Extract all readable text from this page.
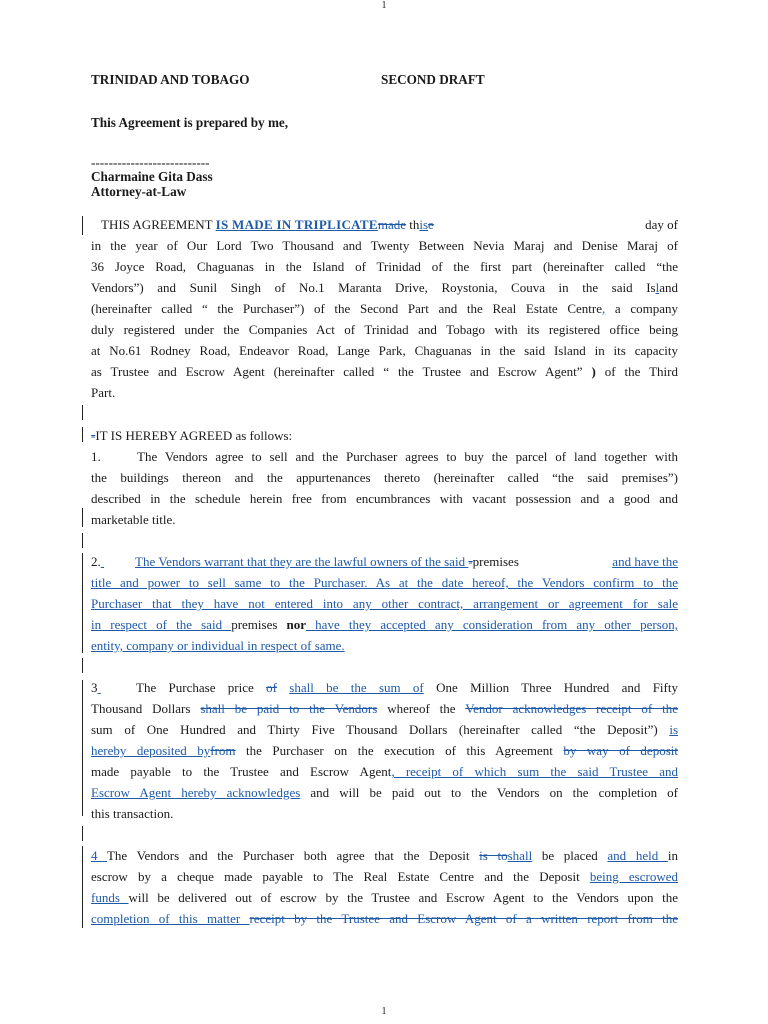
1
TRINIDAD AND TOBAGO	SECOND DRAFT
This Agreement is prepared by me,
---------------------------
Charmaine Gita Dass
Attorney-at-Law
THIS AGREEMENT IS MADE IN TRIPLICATEmade thise	day of
in the year of Our Lord Two Thousand and Twenty Between Nevia Maraj and Denise Maraj of
36 Joyce Road, Chaguanas in the Island of Trinidad of the first part (hereinafter called “the
Vendors”) and Sunil Singh of No.1 Maranta Drive, Roystonia, Couva in the said Island
(hereinafter called “ the Purchaser”) of the Second Part and the Real Estate Centre, a company
duly registered under the Companies Act of Trinidad and Tobago with its registered office being
at No.61 Rodney Road, Endeavor Road, Lange Park, Chaguanas in the said Island in its capacity
as Trustee and Escrow Agent (hereinafter called “ the Trustee and Escrow Agent” ) of the Third
Part.
-IT IS HEREBY AGREED as follows:
1.	The Vendors agree to sell and the Purchaser agrees to buy the parcel of land together with
the buildings thereon and the appurtenances thereto (hereinafter called “the said premises”)
described in the schedule herein free from encumbrances with vacant possession and a good and
marketable title.
2.	The Vendors warrant that they are the lawful owners of the said -premises	and have the
title and power to sell same to the Purchaser. As at the date hereof, the Vendors confirm to the
Purchaser that they have not entered into any other contract, arrangement or agreement for sale
in respect of the said premises nor have they accepted any consideration from any other person,
entity, company or individual in respect of same.
3	The Purchase price of shall be the sum of One Million Three Hundred and Fifty
Thousand Dollars shall be paid to the Vendors whereof the Vendor acknowledges receipt of the
sum of One Hundred and Thirty Five Thousand Dollars (hereinafter called “the Deposit”) is
hereby deposited byfrom the Purchaser on the execution of this Agreement by way of deposit
made payable to the Trustee and Escrow Agent, receipt of which sum the said Trustee and
Escrow Agent hereby acknowledges and will be paid out to the Vendors on the completion of
this transaction.
4 The Vendors and the Purchaser both agree that the Deposit is toshall be placed and held in
escrow by a cheque made payable to The Real Estate Centre and the Deposit being escrowed
funds will be delivered out of escrow by the Trustee and Escrow Agent to the Vendors upon the
completion of this matter receipt by the Trustee and Escrow Agent of a written report from the
1
